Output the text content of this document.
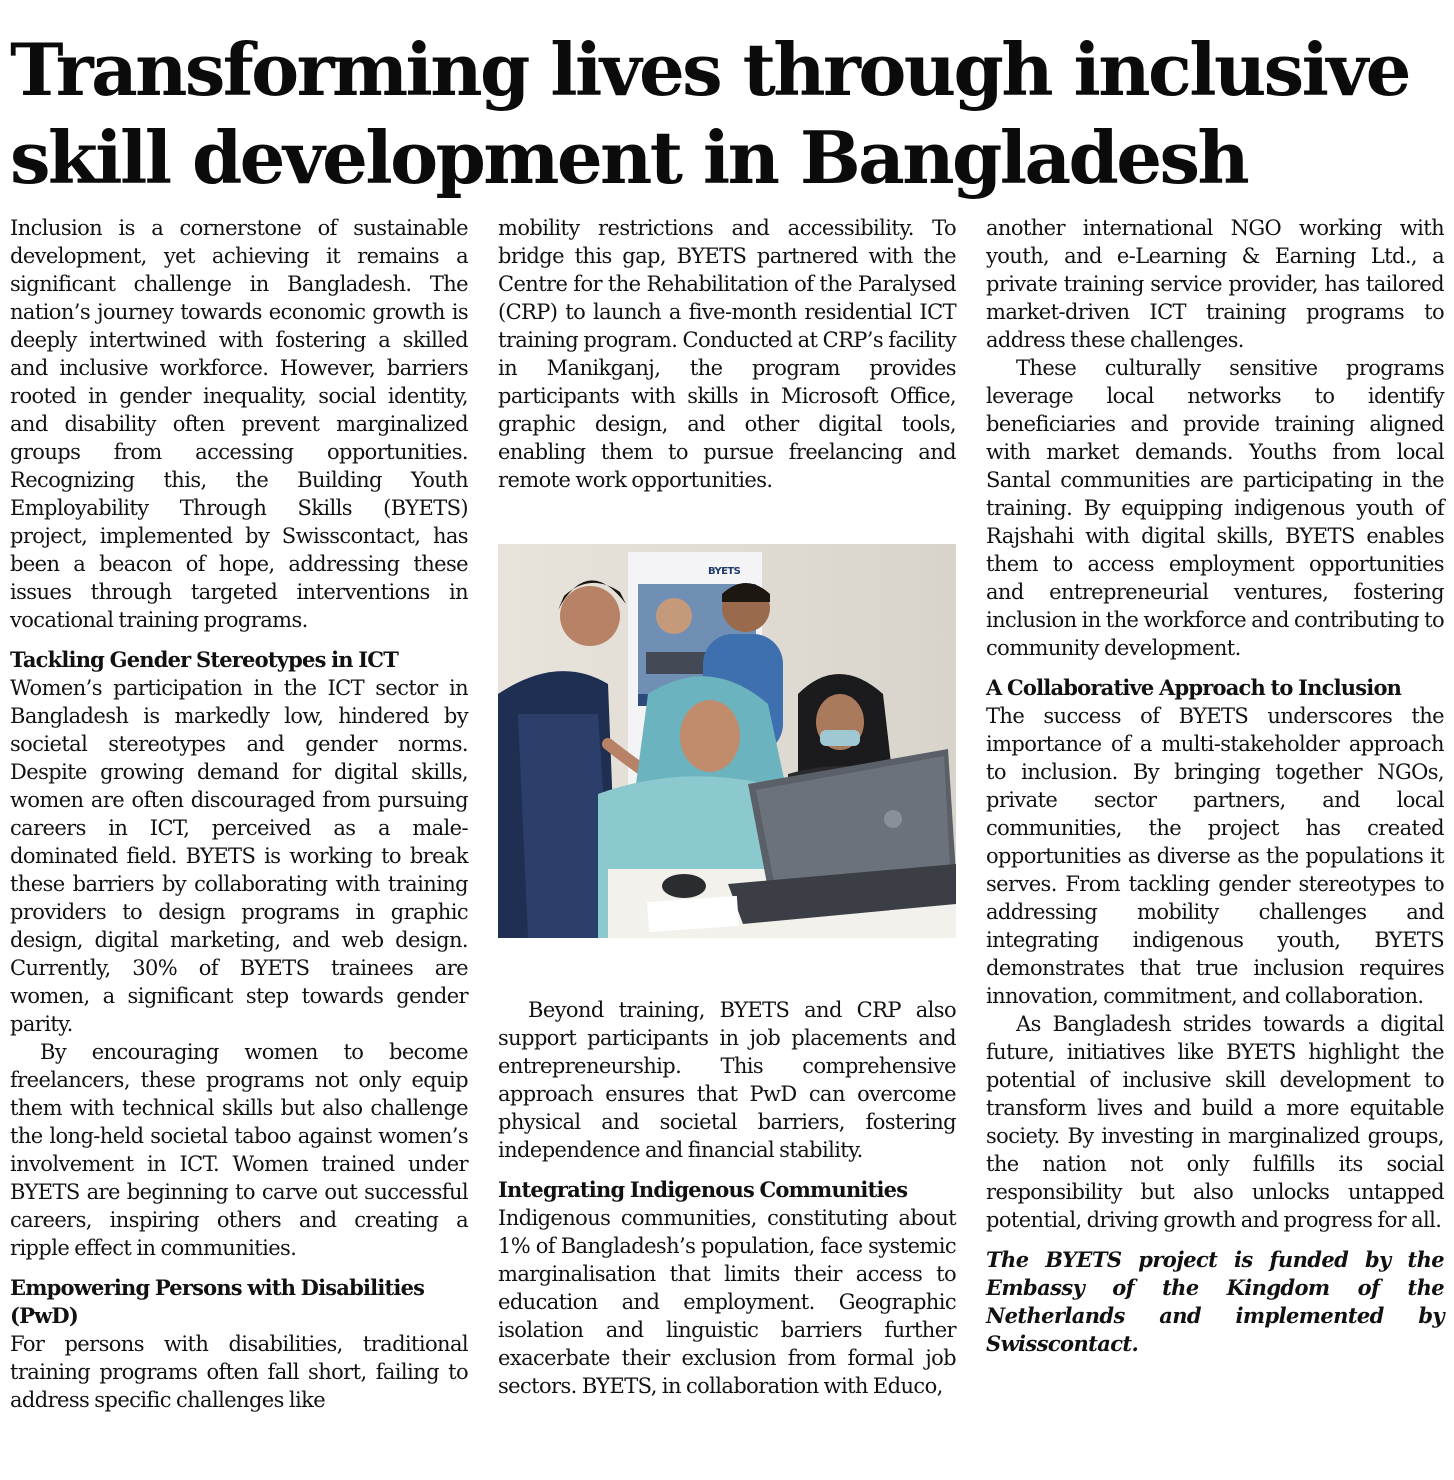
Transforming lives through inclusive skill development in Bangladesh

Inclusion is a cornerstone of sustainable development, yet achieving it remains a significant challenge in Bangladesh. The nation’s journey towards economic growth is deeply intertwined with fostering a skilled and inclusive workforce. However, barriers rooted in gender inequality, social identity, and disability often prevent marginalized groups from accessing opportunities. Recognizing this, the Building Youth Employability Through Skills (BYETS) project, implemented by Swisscontact, has been a beacon of hope, addressing these issues through targeted interventions in vocational training programs.

Tackling Gender Stereotypes in ICT

Women’s participation in the ICT sector in Bangladesh is markedly low, hindered by societal stereotypes and gender norms. Despite growing demand for digital skills, women are often discouraged from pursuing careers in ICT, perceived as a male-dominated field. BYETS is working to break these barriers by collaborating with training providers to design programs in graphic design, digital marketing, and web design. Currently, 30% of BYETS trainees are women, a significant step towards gender parity.

By encouraging women to become freelancers, these programs not only equip them with technical skills but also challenge the long-held societal taboo against women’s involvement in ICT. Women trained under BYETS are beginning to carve out successful careers, inspiring others and creating a ripple effect in communities.

Empowering Persons with Disabilities (PwD)

For persons with disabilities, traditional training programs often fall short, failing to address specific challenges like

mobility restrictions and accessibility. To bridge this gap, BYETS partnered with the Centre for the Rehabilitation of the Paralysed (CRP) to launch a five-month residential ICT training program. Conducted at CRP’s facility in Manikganj, the program provides participants with skills in Microsoft Office, graphic design, and other digital tools, enabling them to pursue freelancing and remote work opportunities.

BYETS

Beyond training, BYETS and CRP also support participants in job placements and entrepreneurship. This comprehensive approach ensures that PwD can overcome physical and societal barriers, fostering independence and financial stability.

Integrating Indigenous Communities

Indigenous communities, constituting about 1% of Bangladesh’s population, face systemic marginalisation that limits their access to education and employment. Geographic isolation and linguistic barriers further exacerbate their exclusion from formal job sectors. BYETS, in collaboration with Educo,

another international NGO working with youth, and e-Learning & Earning Ltd., a private training service provider, has tailored market-driven ICT training programs to address these challenges.

These culturally sensitive programs leverage local networks to identify beneficiaries and provide training aligned with market demands. Youths from local Santal communities are participating in the training. By equipping indigenous youth of Rajshahi with digital skills, BYETS enables them to access employment opportunities and entrepreneurial ventures, fostering inclusion in the workforce and contributing to community development.

A Collaborative Approach to Inclusion

The success of BYETS underscores the importance of a multi-stakeholder approach to inclusion. By bringing together NGOs, private sector partners, and local communities, the project has created opportunities as diverse as the populations it serves. From tackling gender stereotypes to addressing mobility challenges and integrating indigenous youth, BYETS demonstrates that true inclusion requires innovation, commitment, and collaboration.

As Bangladesh strides towards a digital future, initiatives like BYETS highlight the potential of inclusive skill development to transform lives and build a more equitable society. By investing in marginalized groups, the nation not only fulfills its social responsibility but also unlocks untapped potential, driving growth and progress for all.

The BYETS project is funded by the Embassy of the Kingdom of the Netherlands and implemented by Swisscontact.
